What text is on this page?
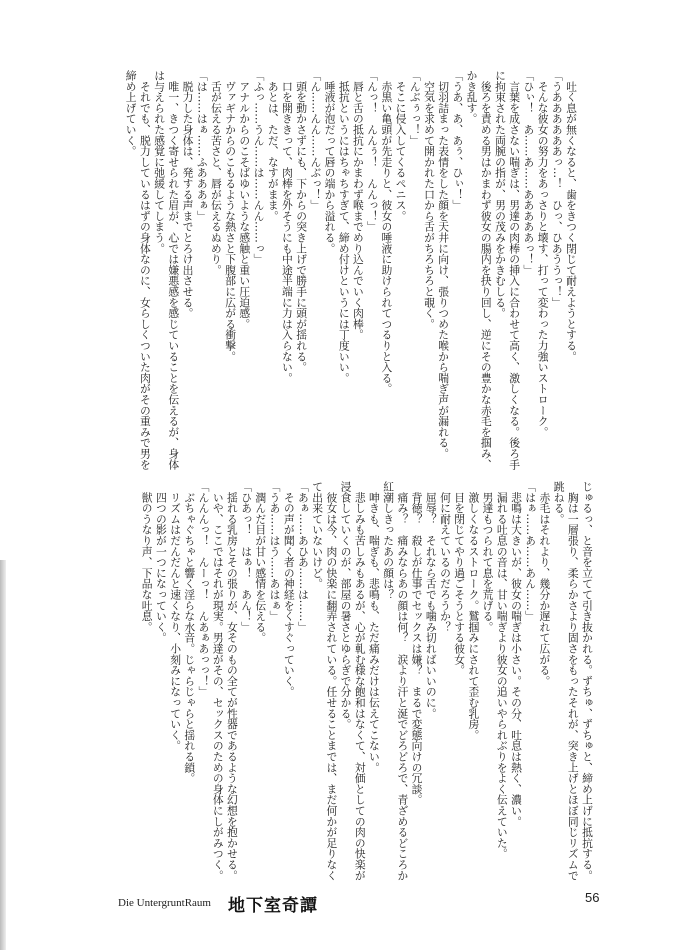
　吐く息が無くなると、歯をきつく閉じて耐えようとする。
「うああああああっ…！　ひっ、ひあううっ！」
　そんな彼女の努力をあっさりと壊す、打って変わった力強いストローク。
「ひぃ！　あ……あ……あああああっ！」
　言葉を成さない喘ぎは、男達の肉棒の挿入に合わせて高く、激しくなる。後ろ手
に拘束された両腕の指が、男の茂みをかきむしる。
　後ろを責める男はかまわず彼女の腸内を抉り回し、逆にその豊かな赤毛を掴み、
かき乱す。
「うあ、あ、あぅ、ひぃ！」
　切羽詰まった表情をした顔を天井に向け、張りつめた喉から喘ぎ声が漏れる。
　空気を求めて開かれた口から舌がちろちろと覗く。
「んぶぅっ！」
　そこに侵入してくるペニス。
　赤黒い亀頭が先走りと、彼女の唾液に助けられてつるりと入る。
「んっ！　んんぅ！　んんっ！」
　唇と舌の抵抗にかまわず喉までめり込んでいく肉棒。
　抵抗というにはちゃちすぎて、締め付けというには丁度いい。
　唾液が泡だって唇の端から溢れる。
「ん……んん……んぶっ！」
　頭を動かさずにも、下からの突き上げで勝手に頭が揺れる。
　口を開ききって、肉棒を外そうにも中途半端に力は入らない。
　あとは、ただ、なすがまま。
「ふっ……うん……は……んん……っ」
　アナルからのこそばゆいような感触と重い圧迫感。
　ヴァギナからのこもるような熱さと下腹部に広がる衝撃。
　舌が伝える苦さと、唇が伝えるぬめり。
「は……はぁ……ふあああぁ」
　脱力した身体は、発する声までとろけ出させる。
　唯一、きつく寄せられた眉が、心では嫌悪感を感じていることを伝えるが、身体
は与えられた感覚に弛緩してしまう。
　それでも、脱力しているはずの身体なのに、女らしくついた肉がその重みで男を
締め上げていく。
じゅるっ、と音を立てて引き抜かれる。ずちゅ、ずちゅと、締め上げに抵抗する。
　胸は一層張り、柔らかさより固さをもったそれが、突き上げとほぼ同じリズムで
跳ねる。
　赤毛はそれより、幾分か遅れて広がる。
「はぁ……あ……あん……」
　悲鳴は大きいが、彼女の喘ぎは小さい。その分、吐息は熱く、濃い。
　漏れる吐息の音は、甘い喘ぎより彼女の追いやられぶりをよく伝えていた。
　男達もつられて息を荒げる。
　激しくなるストローク。鷲掴みにされて歪む乳房。
　目を閉じてやり過ごそうとする彼女。
　何に耐えているのだろうか？
　屈辱？　それなら舌でも噛み切ればいいのに。
　背徳？　殺しが仕事でセックスは嫌？　まるで変態向けの冗談。
　痛み？　痛みならあの顔は何？　涙より汗と涎でどろどろで、青ざめるどころか
紅潮しきったあの顔は？
　呻きも、喘ぎも、悲鳴も、ただ痛みだけは伝えてこない。
　悲しみも苦しみもあるが、心が軋む様な飽和はなくて、対価としての肉の快楽が
浸食していくのが、部屋の暑さとゆらぎで分かる。
　彼女は今、肉の快楽に翻弄されている。任せることまでは、まだ何かが足りなく
て出来ていないけど。
「あぁ……あひあ……は……」
　その声が聞く者の神経をくすぐっていく。
「うあ……はう……あはぁ」
　潤んだ目が甘い感情を伝える。
「ひあっ！　はぁ！　あん！」
　揺れる乳房とその張りが、女そのもの全てが性器であるような幻想を抱かせる。
　いや、ここではそれが現実。男達がその、セックスのための身体にしがみつく。
「んんんっ！　んーっ！　んあぁあっっ！」
　ぶちゃぐちゃと響く淫らな水音。じゃらじゃらと揺れる鎖。
　リズムはだんだんと速くなり、小刻みになっていく。
　四つの影が一つになっていく。
　獣のうなり声、下品な吐息。
Die UntergruntRaum 地下室奇譚	56
